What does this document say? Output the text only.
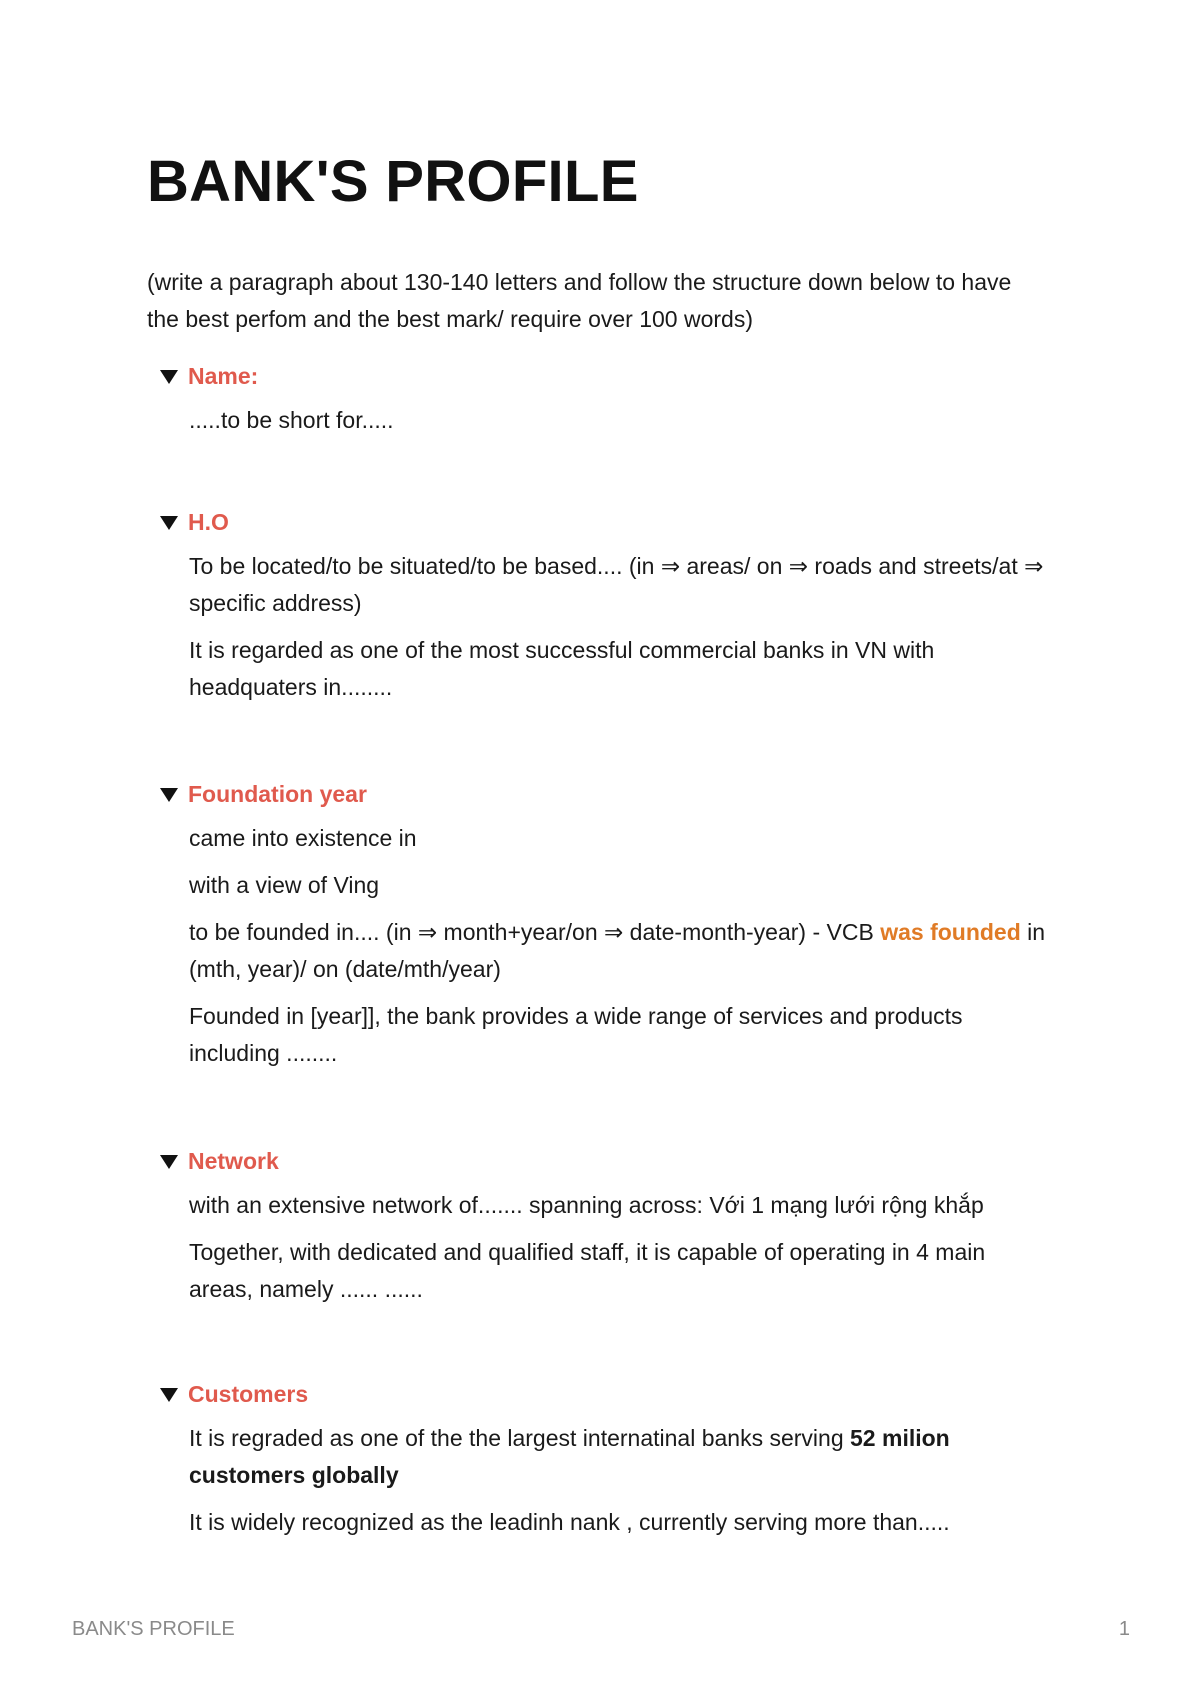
BANK'S PROFILE

(write a paragraph about 130-140 letters and follow the structure down below to have the best perfom and the best mark/ require over 100 words)

Name:

.....to be short for.....

H.O

To be located/to be situated/to be based.... (in ⇒ areas/ on ⇒ roads and streets/at ⇒ specific address)

It is regarded as one of the most successful commercial banks in VN with headquaters in........

Foundation year

came into existence in

with a view of Ving

to be founded in.... (in ⇒ month+year/on ⇒ date-month-year) - VCB was founded in (mth, year)/ on (date/mth/year)

Founded in [year]], the bank provides a wide range of services and products including ........

Network

with an extensive network of....... spanning across: Với 1 mạng lưới rộng khắp

Together, with dedicated and qualified staff, it is capable of operating in 4 main areas, namely ...... ......

Customers

It is regraded as one of the the largest internatinal banks serving 52 milion customers globally

It is widely recognized as the leadinh nank , currently serving more than.....

BANK'S PROFILE	1
